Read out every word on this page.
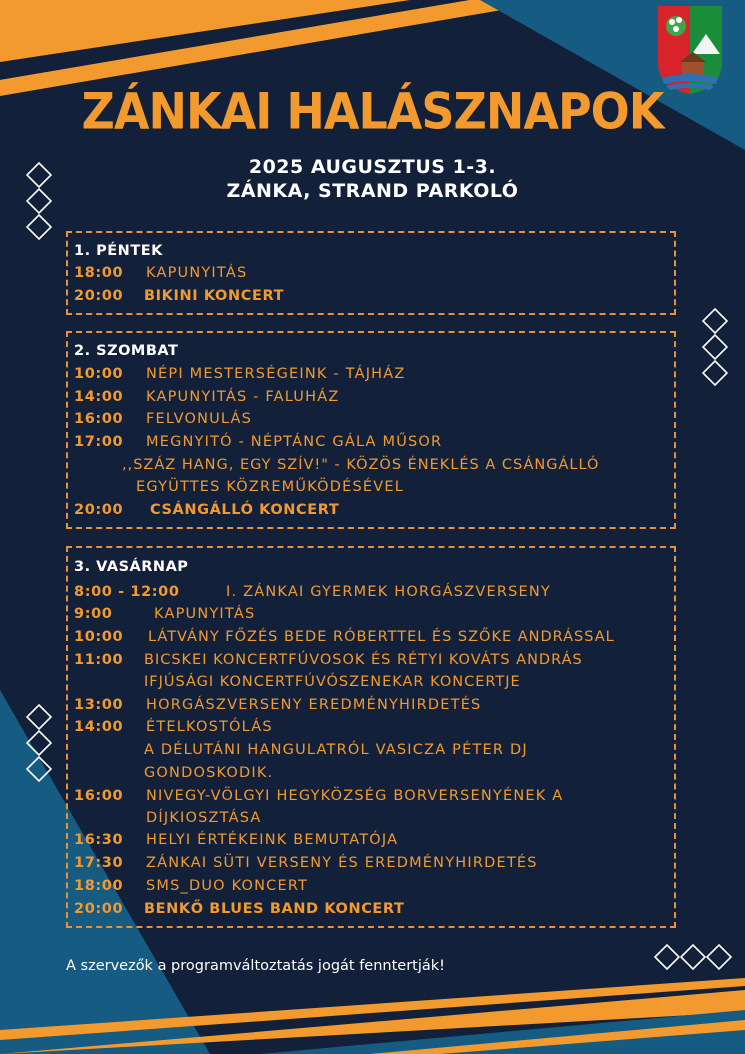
ZÁNKAI HALÁSZNAPOK
2025 AUGUSZTUS 1-3.
ZÁNKA, STRAND PARKOLÓ
1. PÉNTEK
18:00 KAPUNYITÁS
20:00 BIKINI KONCERT
2. SZOMBAT
10:00 NÉPI MESTERSÉGEINK - TÁJHÁZ
14:00 KAPUNYITÁS - FALUHÁZ
16:00 FELVONULÁS
17:00 MEGNYITÓ - NÉPTÁNC GÁLA MŰSOR
,,SZÁZ HANG, EGY SZÍV!" - KÖZÖS ÉNEKLÉS A CSÁNGÁLLÓ
EGYÜTTES KÖZREMŰKÖDÉSÉVEL
20:00 CSÁNGÁLLÓ KONCERT
3. VASÁRNAP
8:00 - 12:00	I. ZÁNKAI GYERMEK HORGÁSZVERSENY
9:00	KAPUNYITÁS
10:00 LÁTVÁNY FŐZÉS BEDE RÓBERTTEL ÉS SZŐKE ANDRÁSSAL
11:00 BICSKEI KONCERTFÚVOSOK ÉS RÉTYI KOVÁTS ANDRÁS
IFJÚSÁGI KONCERTFÚVÓSZENEKAR KONCERTJE
13:00 HORGÁSZVERSENY EREDMÉNYHIRDETÉS
14:00 ÉTELKOSTÓLÁS
A DÉLUTÁNI HANGULATRÓL VASICZA PÉTER DJ
GONDOSKODIK.
16:00 NIVEGY-VÖLGYI HEGYKÖZSÉG BORVERSENYÉNEK A
DÍJKIOSZTÁSA
16:30 HELYI ÉRTÉKEINK BEMUTATÓJA
17:30 ZÁNKAI SÜTI VERSENY ÉS EREDMÉNYHIRDETÉS
18:00 SMS_DUO KONCERT
20:00 BENKŐ BLUES BAND KONCERT
A szervezők a programváltoztatás jogát fenntertják!
